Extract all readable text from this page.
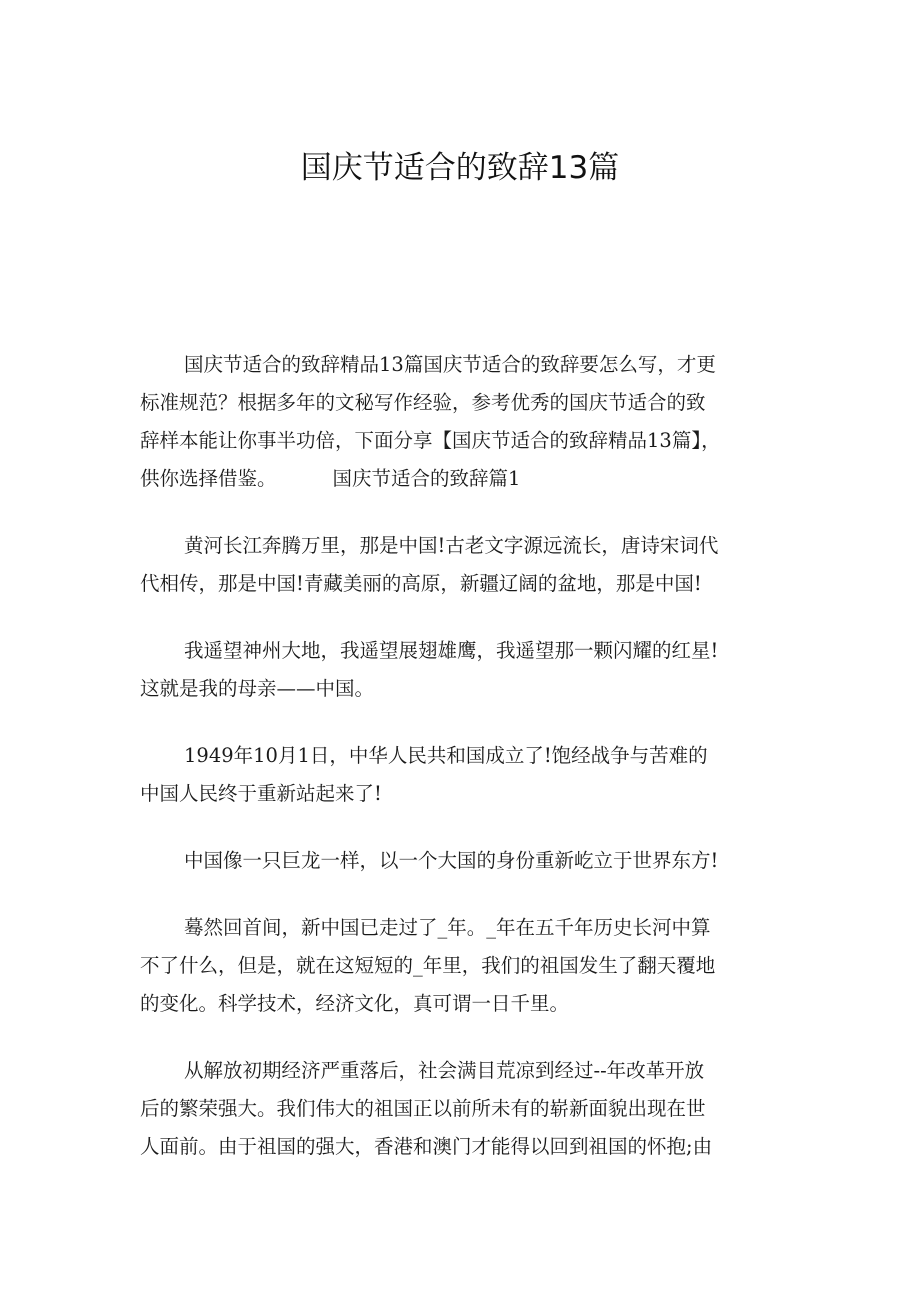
国庆节适合的致辞13篇
国庆节适合的致辞精品13篇国庆节适合的致辞要怎么写，才更
标准规范？根据多年的文秘写作经验，参考优秀的国庆节适合的致
辞样本能让你事半功倍，下面分享【国庆节适合的致辞精品13篇】，
供你选择借鉴。	国庆节适合的致辞篇1
黄河长江奔腾万里，那是中国!古老文字源远流长，唐诗宋词代
代相传，那是中国!青藏美丽的高原，新疆辽阔的盆地，那是中国!
我遥望神州大地，我遥望展翅雄鹰，我遥望那一颗闪耀的红星!
这就是我的母亲——中国。
1949年10月1日，中华人民共和国成立了!饱经战争与苦难的
中国人民终于重新站起来了!
中国像一只巨龙一样，以一个大国的身份重新屹立于世界东方!
蓦然回首间，新中国已走过了_年。_年在五千年历史长河中算
不了什么，但是，就在这短短的_年里，我们的祖国发生了翻天覆地
的变化。科学技术，经济文化，真可谓一日千里。
从解放初期经济严重落后，社会满目荒凉到经过--年改革开放
后的繁荣强大。我们伟大的祖国正以前所未有的崭新面貌出现在世
人面前。由于祖国的强大，香港和澳门才能得以回到祖国的怀抱;由
